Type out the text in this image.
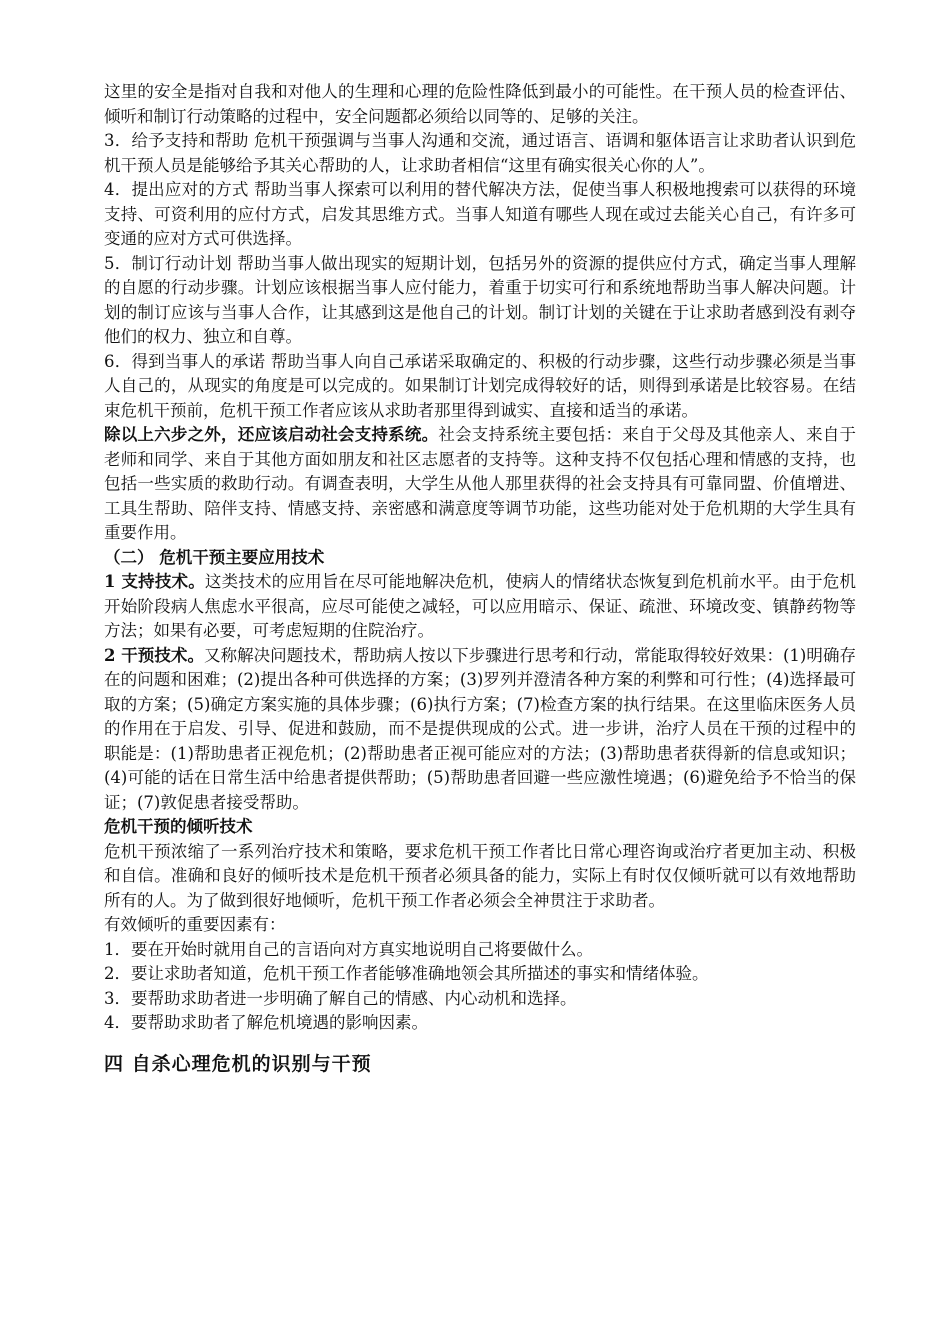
这里的安全是指对自我和对他人的生理和心理的危险性降低到最小的可能性。在干预人员的检查评估、倾听和制订行动策略的过程中，安全问题都必须给以同等的、足够的关注。

3．给予支持和帮助 危机干预强调与当事人沟通和交流，通过语言、语调和躯体语言让求助者认识到危机干预人员是能够给予其关心帮助的人，让求助者相信“这里有确实很关心你的人”。

4．提出应对的方式 帮助当事人探索可以利用的替代解决方法，促使当事人积极地搜索可以获得的环境支持、可资利用的应付方式，启发其思维方式。当事人知道有哪些人现在或过去能关心自己，有许多可变通的应对方式可供选择。

5．制订行动计划 帮助当事人做出现实的短期计划，包括另外的资源的提供应付方式，确定当事人理解的自愿的行动步骤。计划应该根据当事人应付能力，着重于切实可行和系统地帮助当事人解决问题。计划的制订应该与当事人合作，让其感到这是他自己的计划。制订计划的关键在于让求助者感到没有剥夺他们的权力、独立和自尊。

6．得到当事人的承诺 帮助当事人向自己承诺采取确定的、积极的行动步骤，这些行动步骤必须是当事人自己的，从现实的角度是可以完成的。如果制订计划完成得较好的话，则得到承诺是比较容易。在结束危机干预前，危机干预工作者应该从求助者那里得到诚实、直接和适当的承诺。

除以上六步之外，还应该启动社会支持系统。社会支持系统主要包括：来自于父母及其他亲人、来自于老师和同学、来自于其他方面如朋友和社区志愿者的支持等。这种支持不仅包括心理和情感的支持，也包括一些实质的救助行动。有调查表明，大学生从他人那里获得的社会支持具有可靠同盟、价值增进、工具生帮助、陪伴支持、情感支持、亲密感和满意度等调节功能，这些功能对处于危机期的大学生具有重要作用。

（二） 危机干预主要应用技术

1 支持技术。这类技术的应用旨在尽可能地解决危机，使病人的情绪状态恢复到危机前水平。由于危机开始阶段病人焦虑水平很高，应尽可能使之减轻，可以应用暗示、保证、疏泄、环境改变、镇静药物等方法；如果有必要，可考虑短期的住院治疗。

2 干预技术。又称解决问题技术，帮助病人按以下步骤进行思考和行动，常能取得较好效果：(1)明确存在的问题和困难；(2)提出各种可供选择的方案；(3)罗列并澄清各种方案的利弊和可行性；(4)选择最可取的方案；(5)确定方案实施的具体步骤；(6)执行方案；(7)检查方案的执行结果。在这里临床医务人员的作用在于启发、引导、促进和鼓励，而不是提供现成的公式。进一步讲，治疗人员在干预的过程中的职能是：(1)帮助患者正视危机；(2)帮助患者正视可能应对的方法；(3)帮助患者获得新的信息或知识；(4)可能的话在日常生活中给患者提供帮助；(5)帮助患者回避一些应激性境遇；(6)避免给予不恰当的保证；(7)敦促患者接受帮助。

危机干预的倾听技术

危机干预浓缩了一系列治疗技术和策略，要求危机干预工作者比日常心理咨询或治疗者更加主动、积极和自信。准确和良好的倾听技术是危机干预者必须具备的能力，实际上有时仅仅倾听就可以有效地帮助所有的人。为了做到很好地倾听，危机干预工作者必须会全神贯注于求助者。

有效倾听的重要因素有：

1．要在开始时就用自己的言语向对方真实地说明自己将要做什么。

2．要让求助者知道，危机干预工作者能够准确地领会其所描述的事实和情绪体验。

3．要帮助求助者进一步明确了解自己的情感、内心动机和选择。

4．要帮助求助者了解危机境遇的影响因素。

四 自杀心理危机的识别与干预
